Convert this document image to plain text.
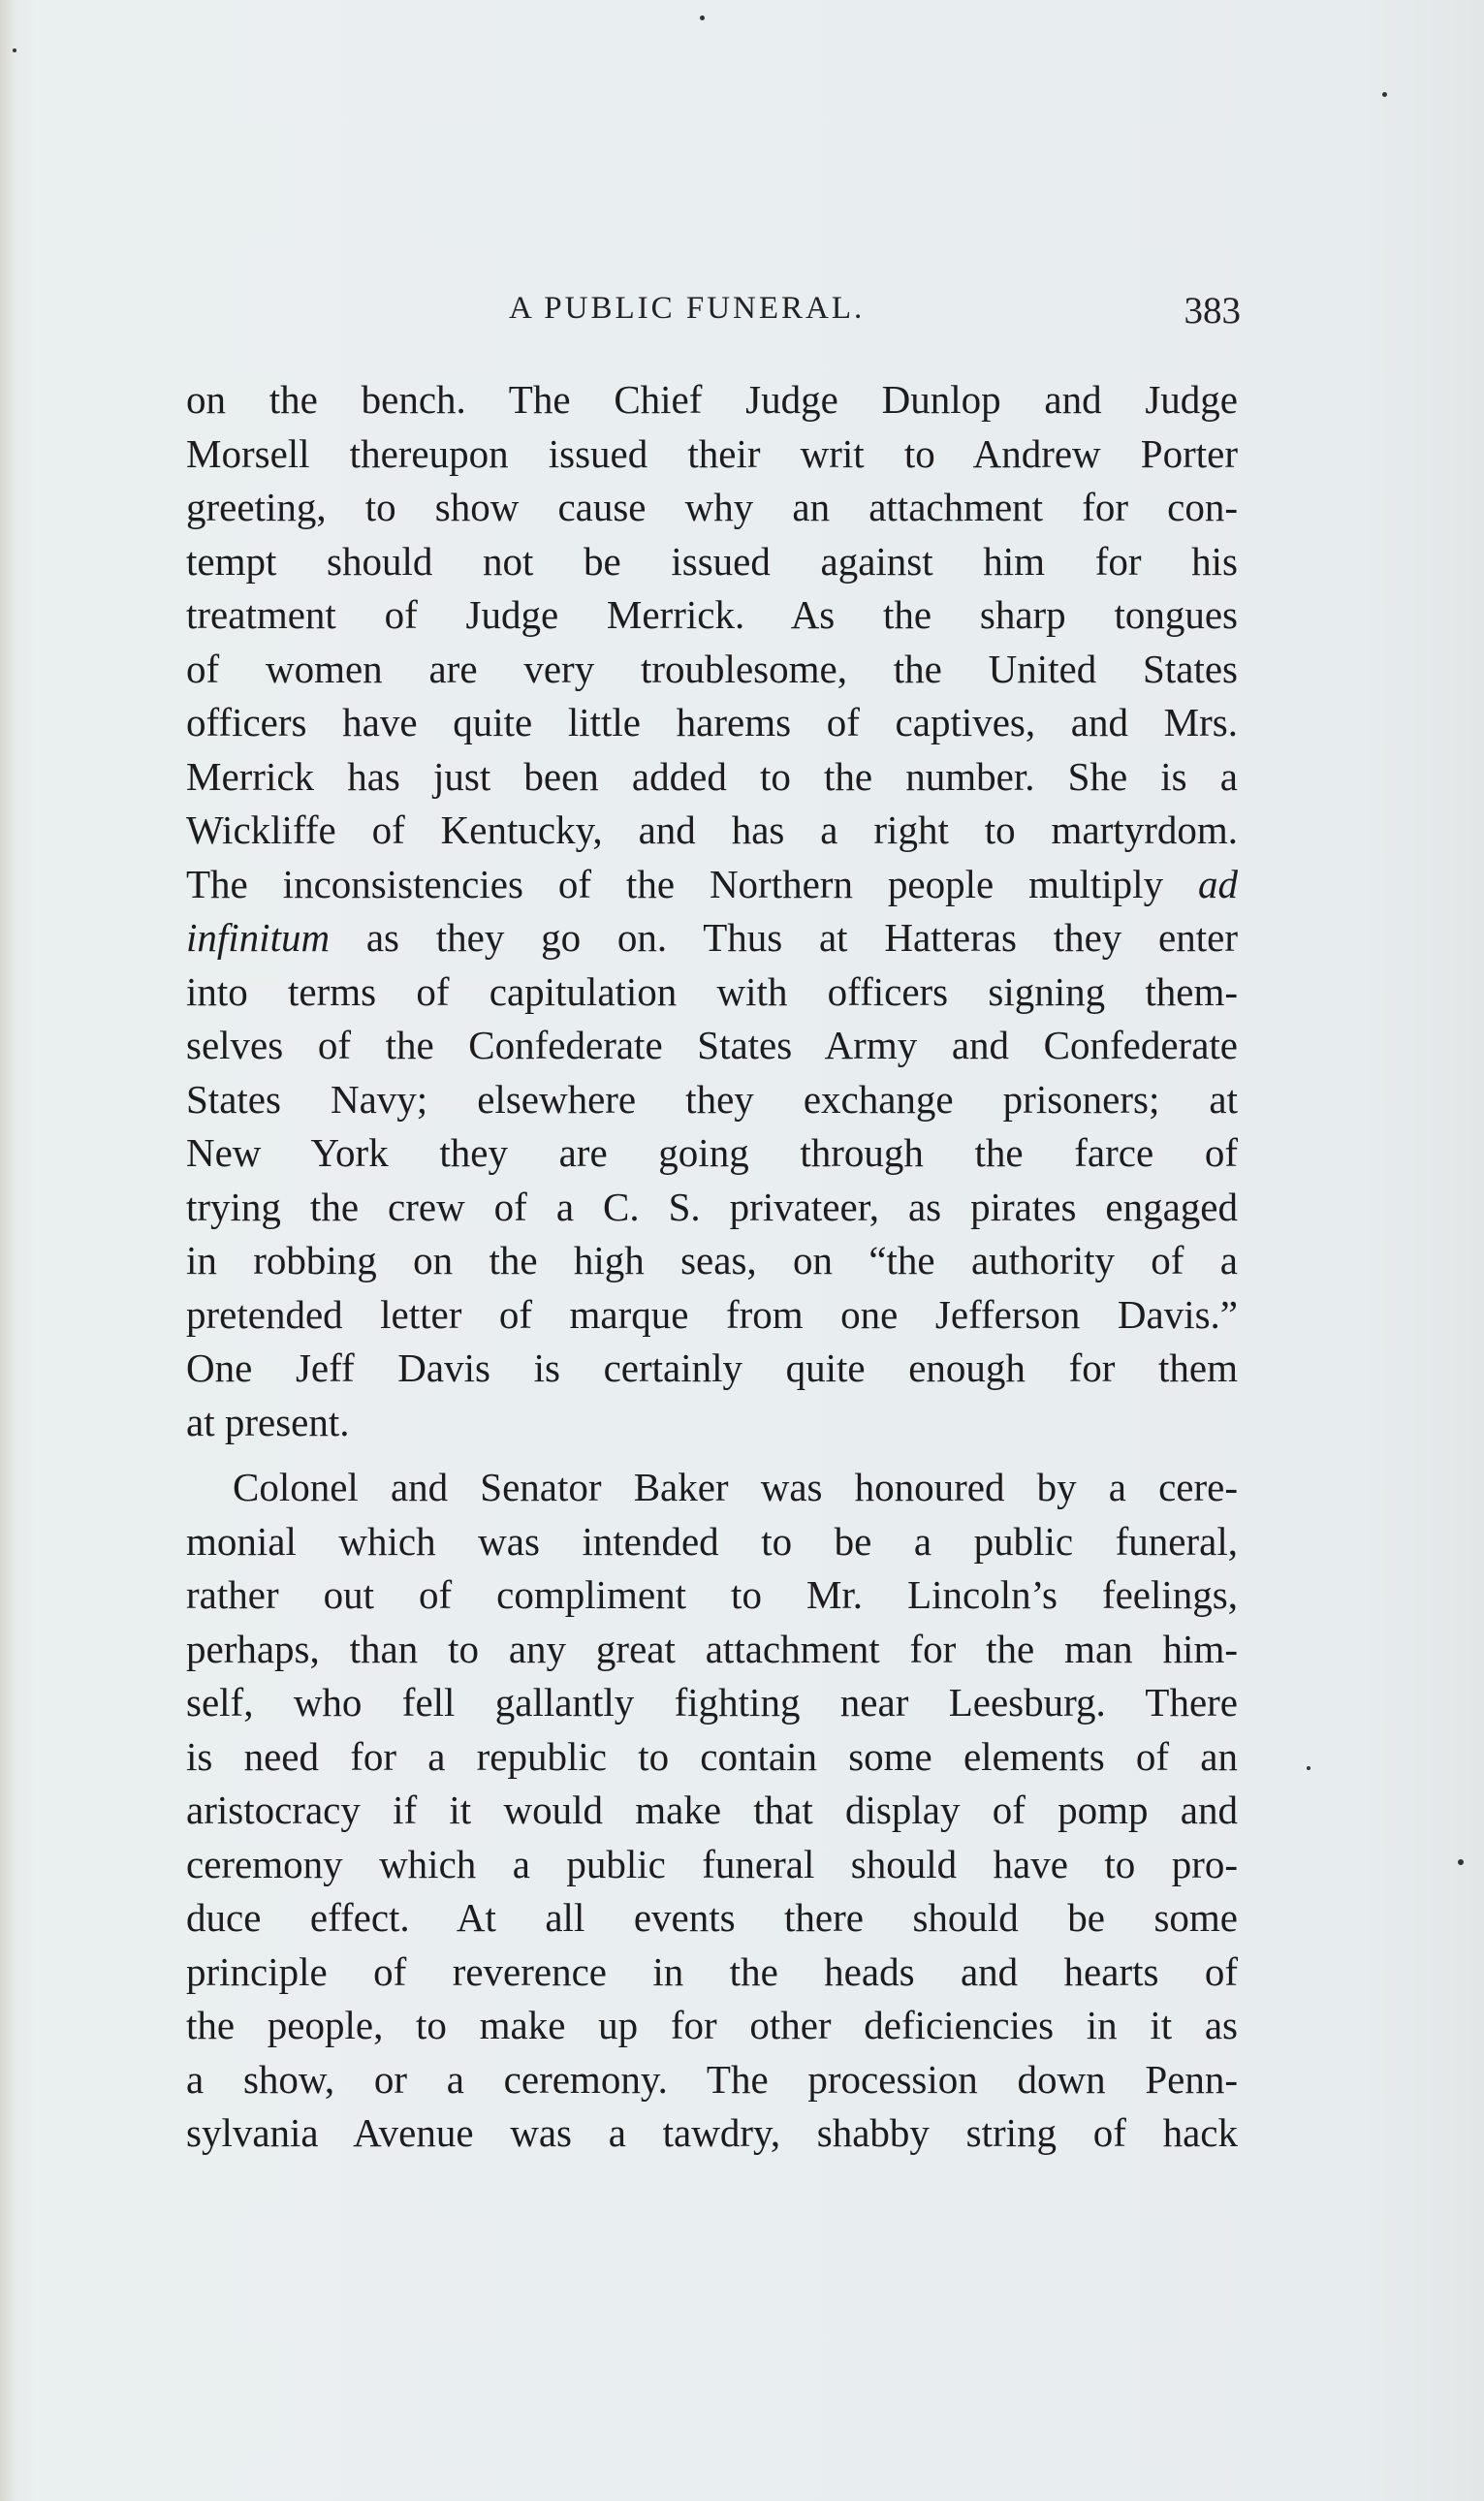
A PUBLIC FUNERAL.	383
on the bench. The Chief Judge Dunlop and Judge
Morsell thereupon issued their writ to Andrew Porter
greeting, to show cause why an attachment for con-
tempt should not be issued against him for his
treatment of Judge Merrick. As the sharp tongues
of women are very troublesome, the United States
officers have quite little harems of captives, and Mrs.
Merrick has just been added to the number. She is a
Wickliffe of Kentucky, and has a right to martyrdom.
The inconsistencies of the Northern people multiply ad
infinitum as they go on. Thus at Hatteras they enter
into terms of capitulation with officers signing them-
selves of the Confederate States Army and Confederate
States Navy; elsewhere they exchange prisoners; at
New York they are going through the farce of
trying the crew of a C. S. privateer, as pirates engaged
in robbing on the high seas, on “the authority of a
pretended letter of marque from one Jefferson Davis.”
One Jeff Davis is certainly quite enough for them
at present.
Colonel and Senator Baker was honoured by a cere-
monial which was intended to be a public funeral,
rather out of compliment to Mr. Lincoln’s feelings,
perhaps, than to any great attachment for the man him-
self, who fell gallantly fighting near Leesburg. There
is need for a republic to contain some elements of an
aristocracy if it would make that display of pomp and
ceremony which a public funeral should have to pro-
duce effect. At all events there should be some
principle of reverence in the heads and hearts of
the people, to make up for other deficiencies in it as
a show, or a ceremony. The procession down Penn-
sylvania Avenue was a tawdry, shabby string of hack
